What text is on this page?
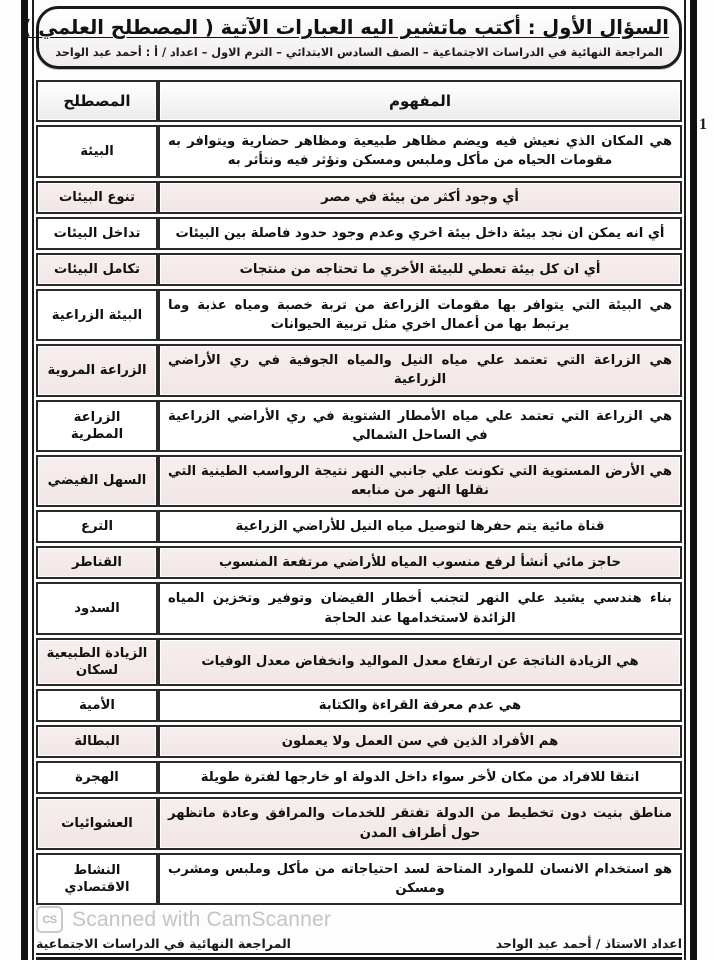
1
السؤال الأول : أكتب ماتشير اليه العبارات الآتية ( المصطلح العلمي )
المراجعة النهائية في الدراسات الاجتماعية – الصف السادس الابتدائي – الترم الاول – اعداد / أ : أحمد عبد الواحد
المفهوم	المصطلح
هي المكان الذي نعيش فيه ويضم مظاهر طبيعية ومظاهر حضارية ويتوافر به مقومات الحياه من مأكل وملبس ومسكن ونؤثر فيه ونتأثر به	البيئة
أي وجود أكثر من بيئة في مصر	تنوع البيئات
أي انه يمكن ان نجد بيئة داخل بيئة اخري وعدم وجود حدود فاصلة بين البيئات	تداخل البيئات
أي ان كل بيئة تعطي للبيئة الأخري ما تحتاجه من منتجات	تكامل البيئات
هي البيئة التي يتوافر بها مقومات الزراعة من تربة خصبة ومياه عذبة وما يرتبط بها من أعمال اخري مثل تربية الحيوانات	البيئة الزراعية
هي الزراعة التي تعتمد علي مياه النيل والمياه الجوفية في ري الأراضي الزراعية	الزراعة المروية
هي الزراعة التي تعتمد علي مياه الأمطار الشتوية في ري الأراضي الزراعية في الساحل الشمالي	الزراعة المطرية
هي الأرض المستوية التي تكونت علي جانبي النهر نتيجة الرواسب الطينية التي نقلها النهر من منابعه	السهل الفيضي
قناة مائية يتم حفرها لتوصيل مياه النيل للأراضي الزراعية	الترع
حاجز مائي أنشأ لرفع منسوب المياه للأراضي مرتفعة المنسوب	القناطر
بناء هندسي يشيد علي النهر لتجنب أخطار الفيضان وتوفير وتخزين المياه الزائدة لاستخدامها عند الحاجة	السدود
هي الزيادة الناتجة عن ارتفاع معدل المواليد وانخفاض معدل الوفيات	الزيادة الطبيعية لسكان
هي عدم معرفة القراءة والكتابة	الأمية
هم الأفراد الذين في سن العمل ولا يعملون	البطالة
انتقا للافراد من مكان لأخر سواء داخل الدولة او خارجها لفترة طويلة	الهجرة
مناطق بنيت دون تخطيط من الدولة تفتقر للخدمات والمرافق وعادة ماتظهر حول أطراف المدن	العشوائيات
هو استخدام الانسان للموارد المتاحة لسد احتياجاته من مأكل وملبس ومشرب ومسكن	النشاط الاقتصادي
CS Scanned with CamScanner
اعداد الاستاذ / أحمد عبد الواحد
المراجعة النهائية في الدراسات الاجتماعية
